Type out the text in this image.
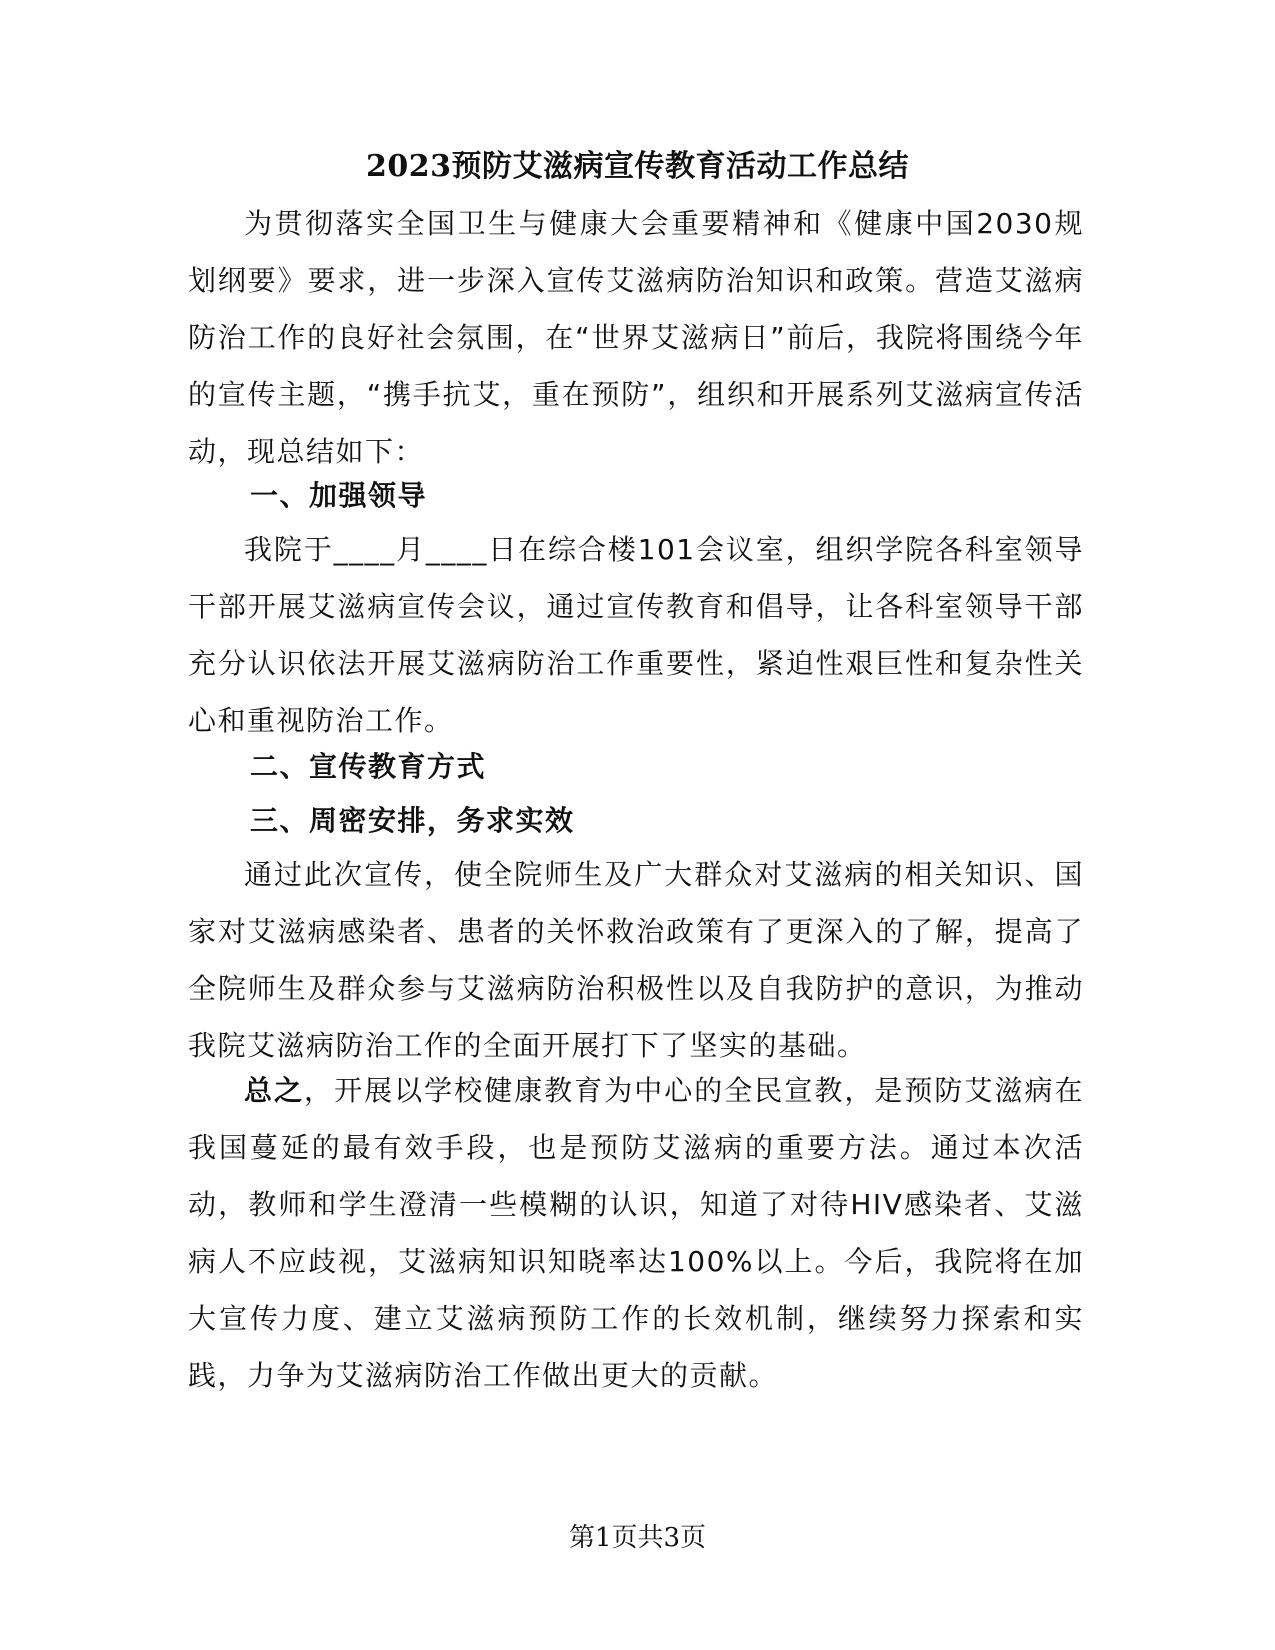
2023预防艾滋病宣传教育活动工作总结

为贯彻落实全国卫生与健康大会重要精神和《健康中国2030规划纲要》要求，进一步深入宣传艾滋病防治知识和政策。营造艾滋病防治工作的良好社会氛围，在“世界艾滋病日”前后，我院将围绕今年的宣传主题，“携手抗艾，重在预防”，组织和开展系列艾滋病宣传活动，现总结如下：

一、加强领导

我院于____月____日在综合楼101会议室，组织学院各科室领导干部开展艾滋病宣传会议，通过宣传教育和倡导，让各科室领导干部充分认识依法开展艾滋病防治工作重要性，紧迫性艰巨性和复杂性关心和重视防治工作。

二、宣传教育方式

三、周密安排，务求实效

通过此次宣传，使全院师生及广大群众对艾滋病的相关知识、国家对艾滋病感染者、患者的关怀救治政策有了更深入的了解，提高了全院师生及群众参与艾滋病防治积极性以及自我防护的意识，为推动我院艾滋病防治工作的全面开展打下了坚实的基础。

总之，开展以学校健康教育为中心的全民宣教，是预防艾滋病在我国蔓延的最有效手段，也是预防艾滋病的重要方法。通过本次活动，教师和学生澄清一些模糊的认识，知道了对待HIV感染者、艾滋病人不应歧视，艾滋病知识知晓率达100%以上。今后，我院将在加大宣传力度、建立艾滋病预防工作的长效机制，继续努力探索和实践，力争为艾滋病防治工作做出更大的贡献。

第1页共3页
